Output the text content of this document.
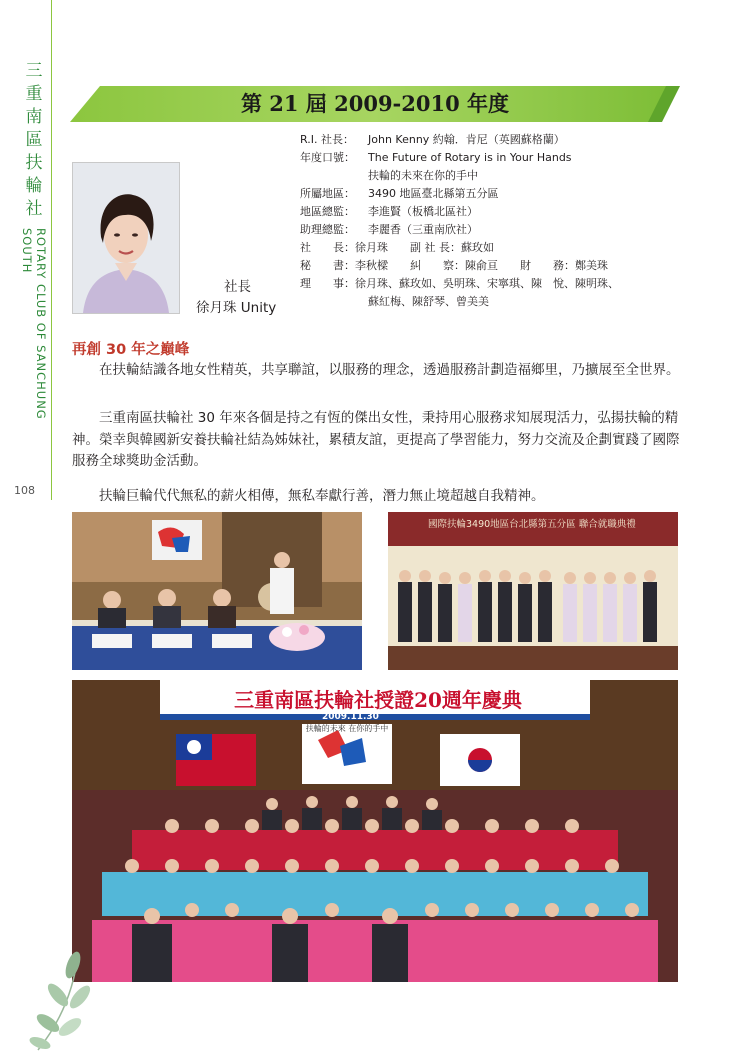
三重南區扶輪社
ROTARY CLUB OF SANCHUNG SOUTH
108
第 21 屆 2009-2010 年度
社長
徐月珠 Unity
R.I. 社長： John Kenny 約翰．肯尼（英國蘇格蘭）
年度口號： The Future of Rotary is in Your Hands
扶輪的未來在你的手中
所屬地區： 3490 地區臺北縣第五分區
地區總監： 李進賢（板橋北區社）
助理總監： 李麗香（三重南欣社）
社　　長：徐月珠　　副 社 長：蘇玫如
秘　　書：李秋樑　　糾　　察：陳俞亘　　財　　務：鄭美珠
理　　事：徐月珠、蘇玫如、吳明珠、宋寧琪、陳　悅、陳明珠、
蘇紅梅、陳舒琴、曾美美
再創 30 年之巔峰
在扶輪結識各地女性精英，共享聯誼，以服務的理念，透過服務計劃造福鄉里，乃擴展至全世界。
三重南區扶輪社 30 年來各個是持之有恆的傑出女性，秉持用心服務求知展現活力，弘揚扶輪的精神。榮幸與韓國新安養扶輪社結為姊妹社，累積友誼，更提高了學習能力，努力交流及企劃實踐了國際服務全球獎助金活動。
扶輪巨輪代代無私的薪火相傳，無私奉獻行善，潛力無止境超越自我精神。
國際扶輪3490地區台北縣第五分區 聯合就職典禮
三重南區扶輪社授證20週年慶典
2009.11.30
扶輪的未來 在你的手中
